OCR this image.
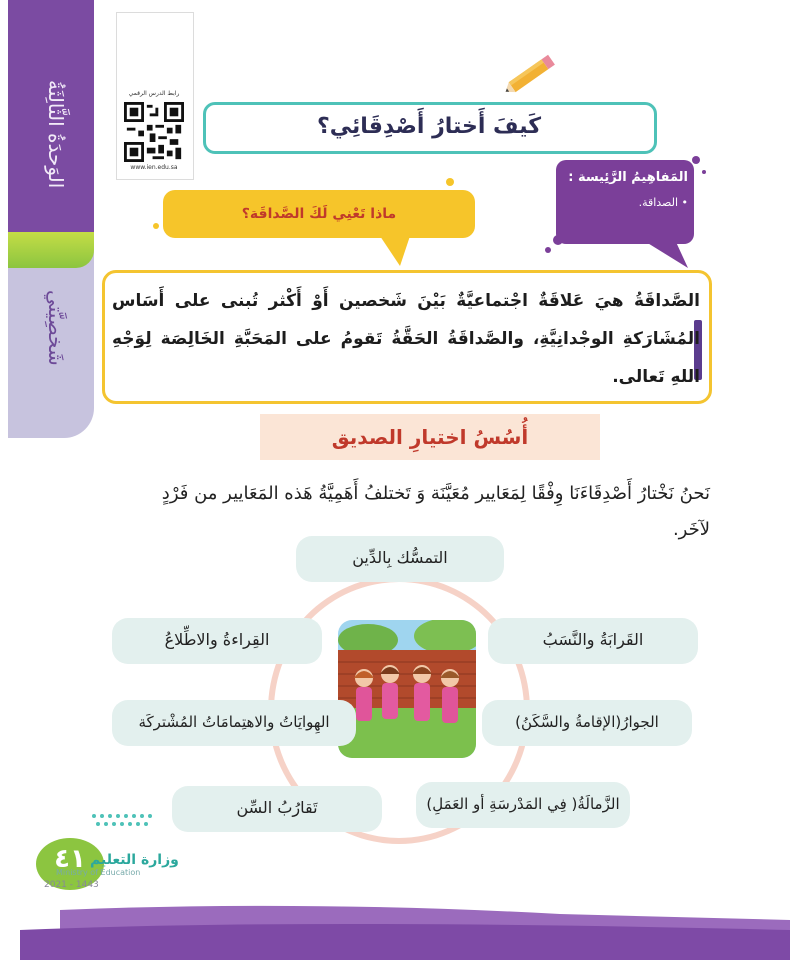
الوَحدَةُ الثَّالِثَةُ
شَخصِيَّتي
رابط الدرس الرقمي
www.ien.edu.sa
كَيفَ أَختارُ أَصْدِقَائِي؟
المَفاهِيمُ الرَّئِيسة :
• الصداقة.
ماذا تَعْنِي لَكَ الصَّداقَة؟
الصَّداقَةُ هيَ عَلاقَةٌ اجْتماعيَّةٌ بَيْنَ شَخصين أَوْ أَكْثر تُبنى على أَسَاس المُشَارَكةِ الوجْدانِيَّةِ، والصَّداقَةُ الحَقَّةُ تَقومُ على المَحَبَّةِ الخَالِصَة لِوَجْهِ اللهِ تَعالى.
أُسُسُ اختيارِ الصديق
نَحنُ نَخْتارُ أَصْدِقَاءَنَا وِفْقًا لِمَعَايير مُعَيَّنَة وَ تَختلفُ أَهَمِيَّةُ هَذه المَعَايير من فَرْدٍ لآخَر.
التمسُّك بِالدِّين
القِراءةُ والاطِّلاعُ	القَرابَةُ والنَّسَبُ
الهِوايَاتُ والاهتِمامَاتُ المُشْتركَة	الجوارُ(الإقامةُ والسَّكَنُ)
تَقارُبُ السِّن	الزَّمالَةُ( فِي المَدْرسَةِ أو العَمَلِ)
٤١ وزارة التعليم
Ministry of Education
2021 - 1443
